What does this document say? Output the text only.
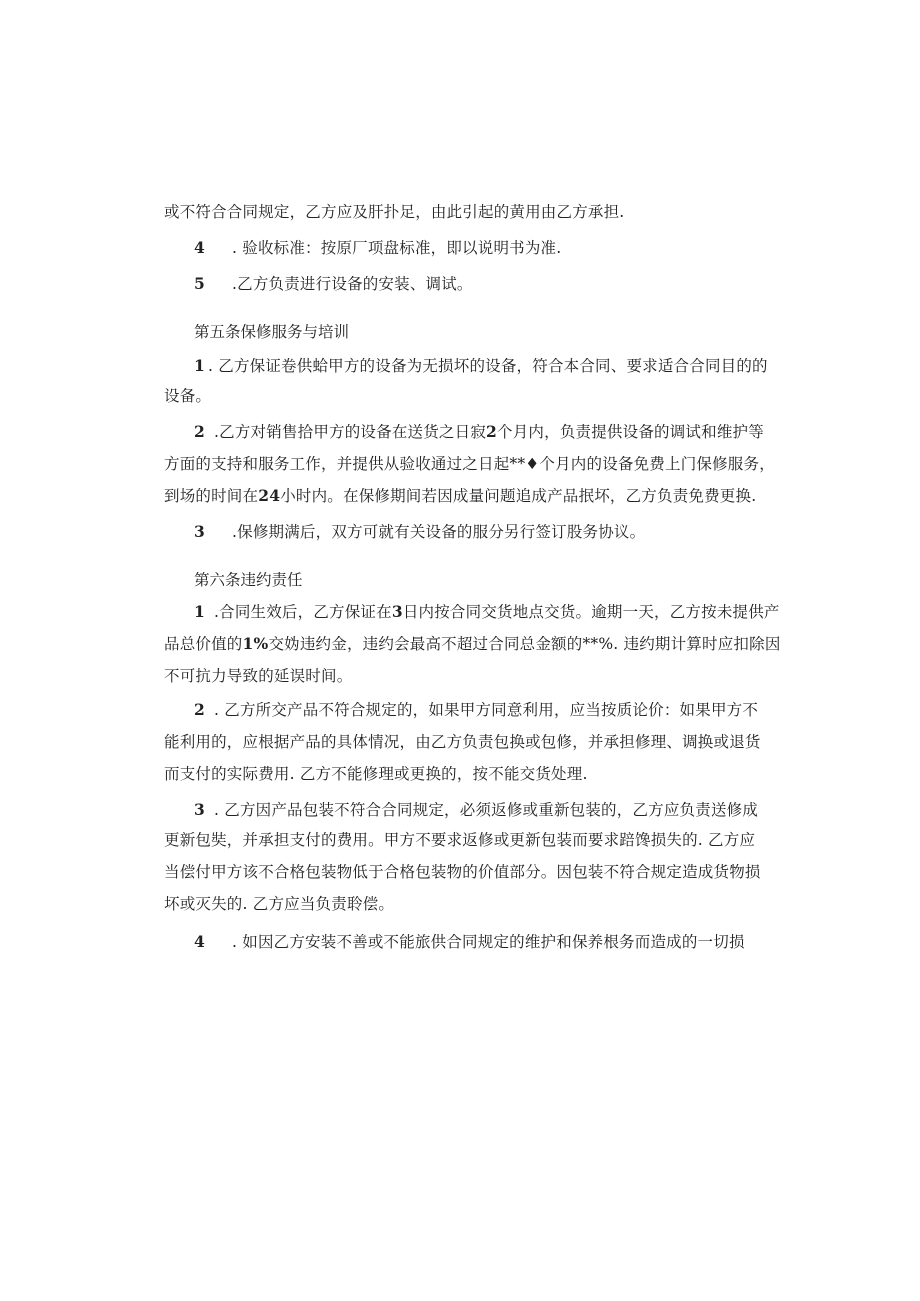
或不符合合同规定，乙方应及肝扑足，由此引起的黄用由乙方承担.
4 . 验收标准：按原厂项盘标准，即以说明书为准.
5 .乙方负责进行设备的安装、调试。
第五条保修服务与培训
1 . 乙方保证卷供蛤甲方的设备为无损坏的设备，符合本合同、要求适合合同目的的
设备。
2 .乙方对销售拾甲方的设备在送货之日寂2个月内，负责提供设备的调试和维护等
方面的支持和服务工作，并提供从验收通过之日起**♦个月内的设备免费上门保修服务，
到场的时间在24小时内。在保修期间若因成量问题追成产品抿坏，乙方负责免费更换.
3 .保修期满后，双方可就有关设备的服分另行签订股务协议。
第六条违约责任
1 .合同生效后，乙方保证在3日内按合同交货地点交货。逾期一天，乙方按未提供产
品总价值的1%交妫违约金，违约会最高不超过合同总金额的**%. 违约期计算时应扣除因
不可抗力导致的延误时间。
2 . 乙方所交产品不符合规定的，如果甲方同意利用，应当按质论价：如果甲方不
能利用的，应根据产品的具体情况，由乙方负责包换或包修，并承担修理、调换或退货
而支付的实际费用. 乙方不能修理或更换的，按不能交货处理.
3 . 乙方因产品包装不符合合同规定，必须返修或重新包装的，乙方应负责送修成
更新包奘，并承担支付的费用。甲方不要求返修或更新包装而要求踣馋损失的. 乙方应
当偿付甲方该不合格包装物低于合格包装物的价值部分。因包装不符合规定造成货物损
坏或灭失的. 乙方应当负责聆偿。
4 . 如因乙方安装不善或不能旅供合同规定的维护和保养根务而造成的一切损
